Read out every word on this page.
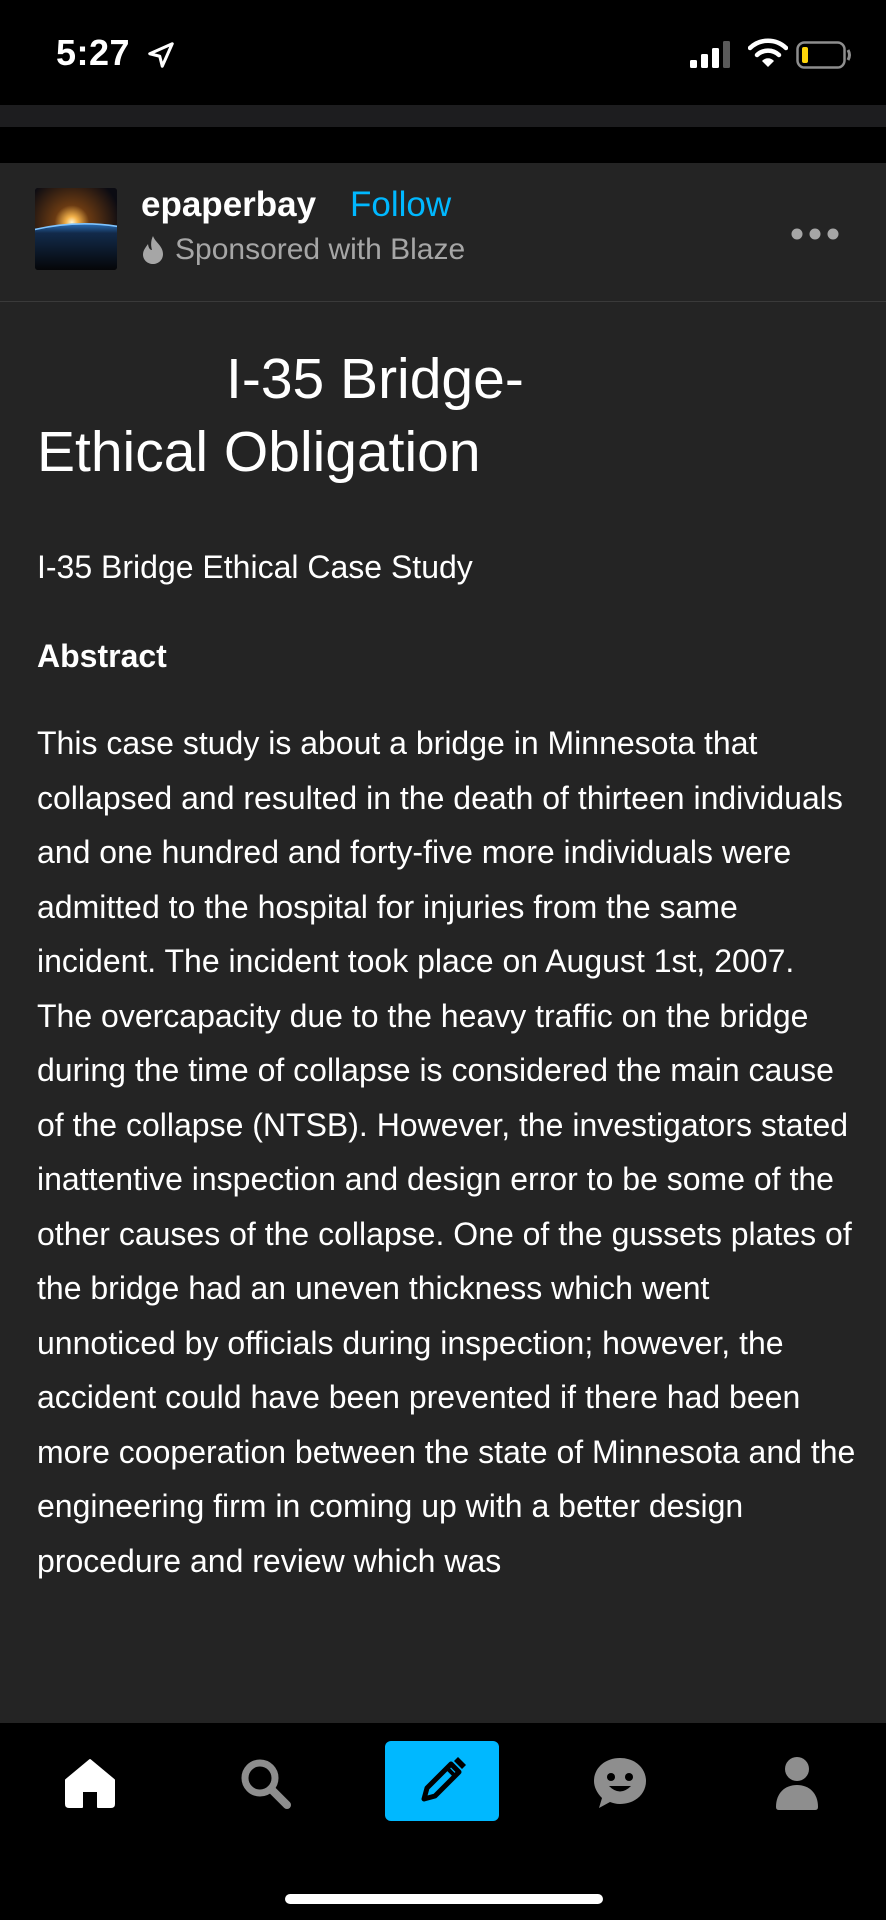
5:27
epaperbay Follow
Sponsored with Blaze
I-35 Bridge-
Ethical Obligation
I-35 Bridge Ethical Case Study
Abstract
This case study is about a bridge in Minnesota that collapsed and resulted in the death of thirteen individuals and one hundred and forty-five more individuals were admitted to the hospital for injuries from the same incident. The incident took place on August 1st, 2007. The overcapacity due to the heavy traffic on the bridge during the time of collapse is considered the main cause of the collapse (NTSB). However, the investigators stated inattentive inspection and design error to be some of the other causes of the collapse. One of the gussets plates of the bridge had an uneven thickness which went unnoticed by officials during inspection; however, the accident could have been prevented if there had been more cooperation between the state of Minnesota and the engineering firm in coming up with a better design procedure and review which was
